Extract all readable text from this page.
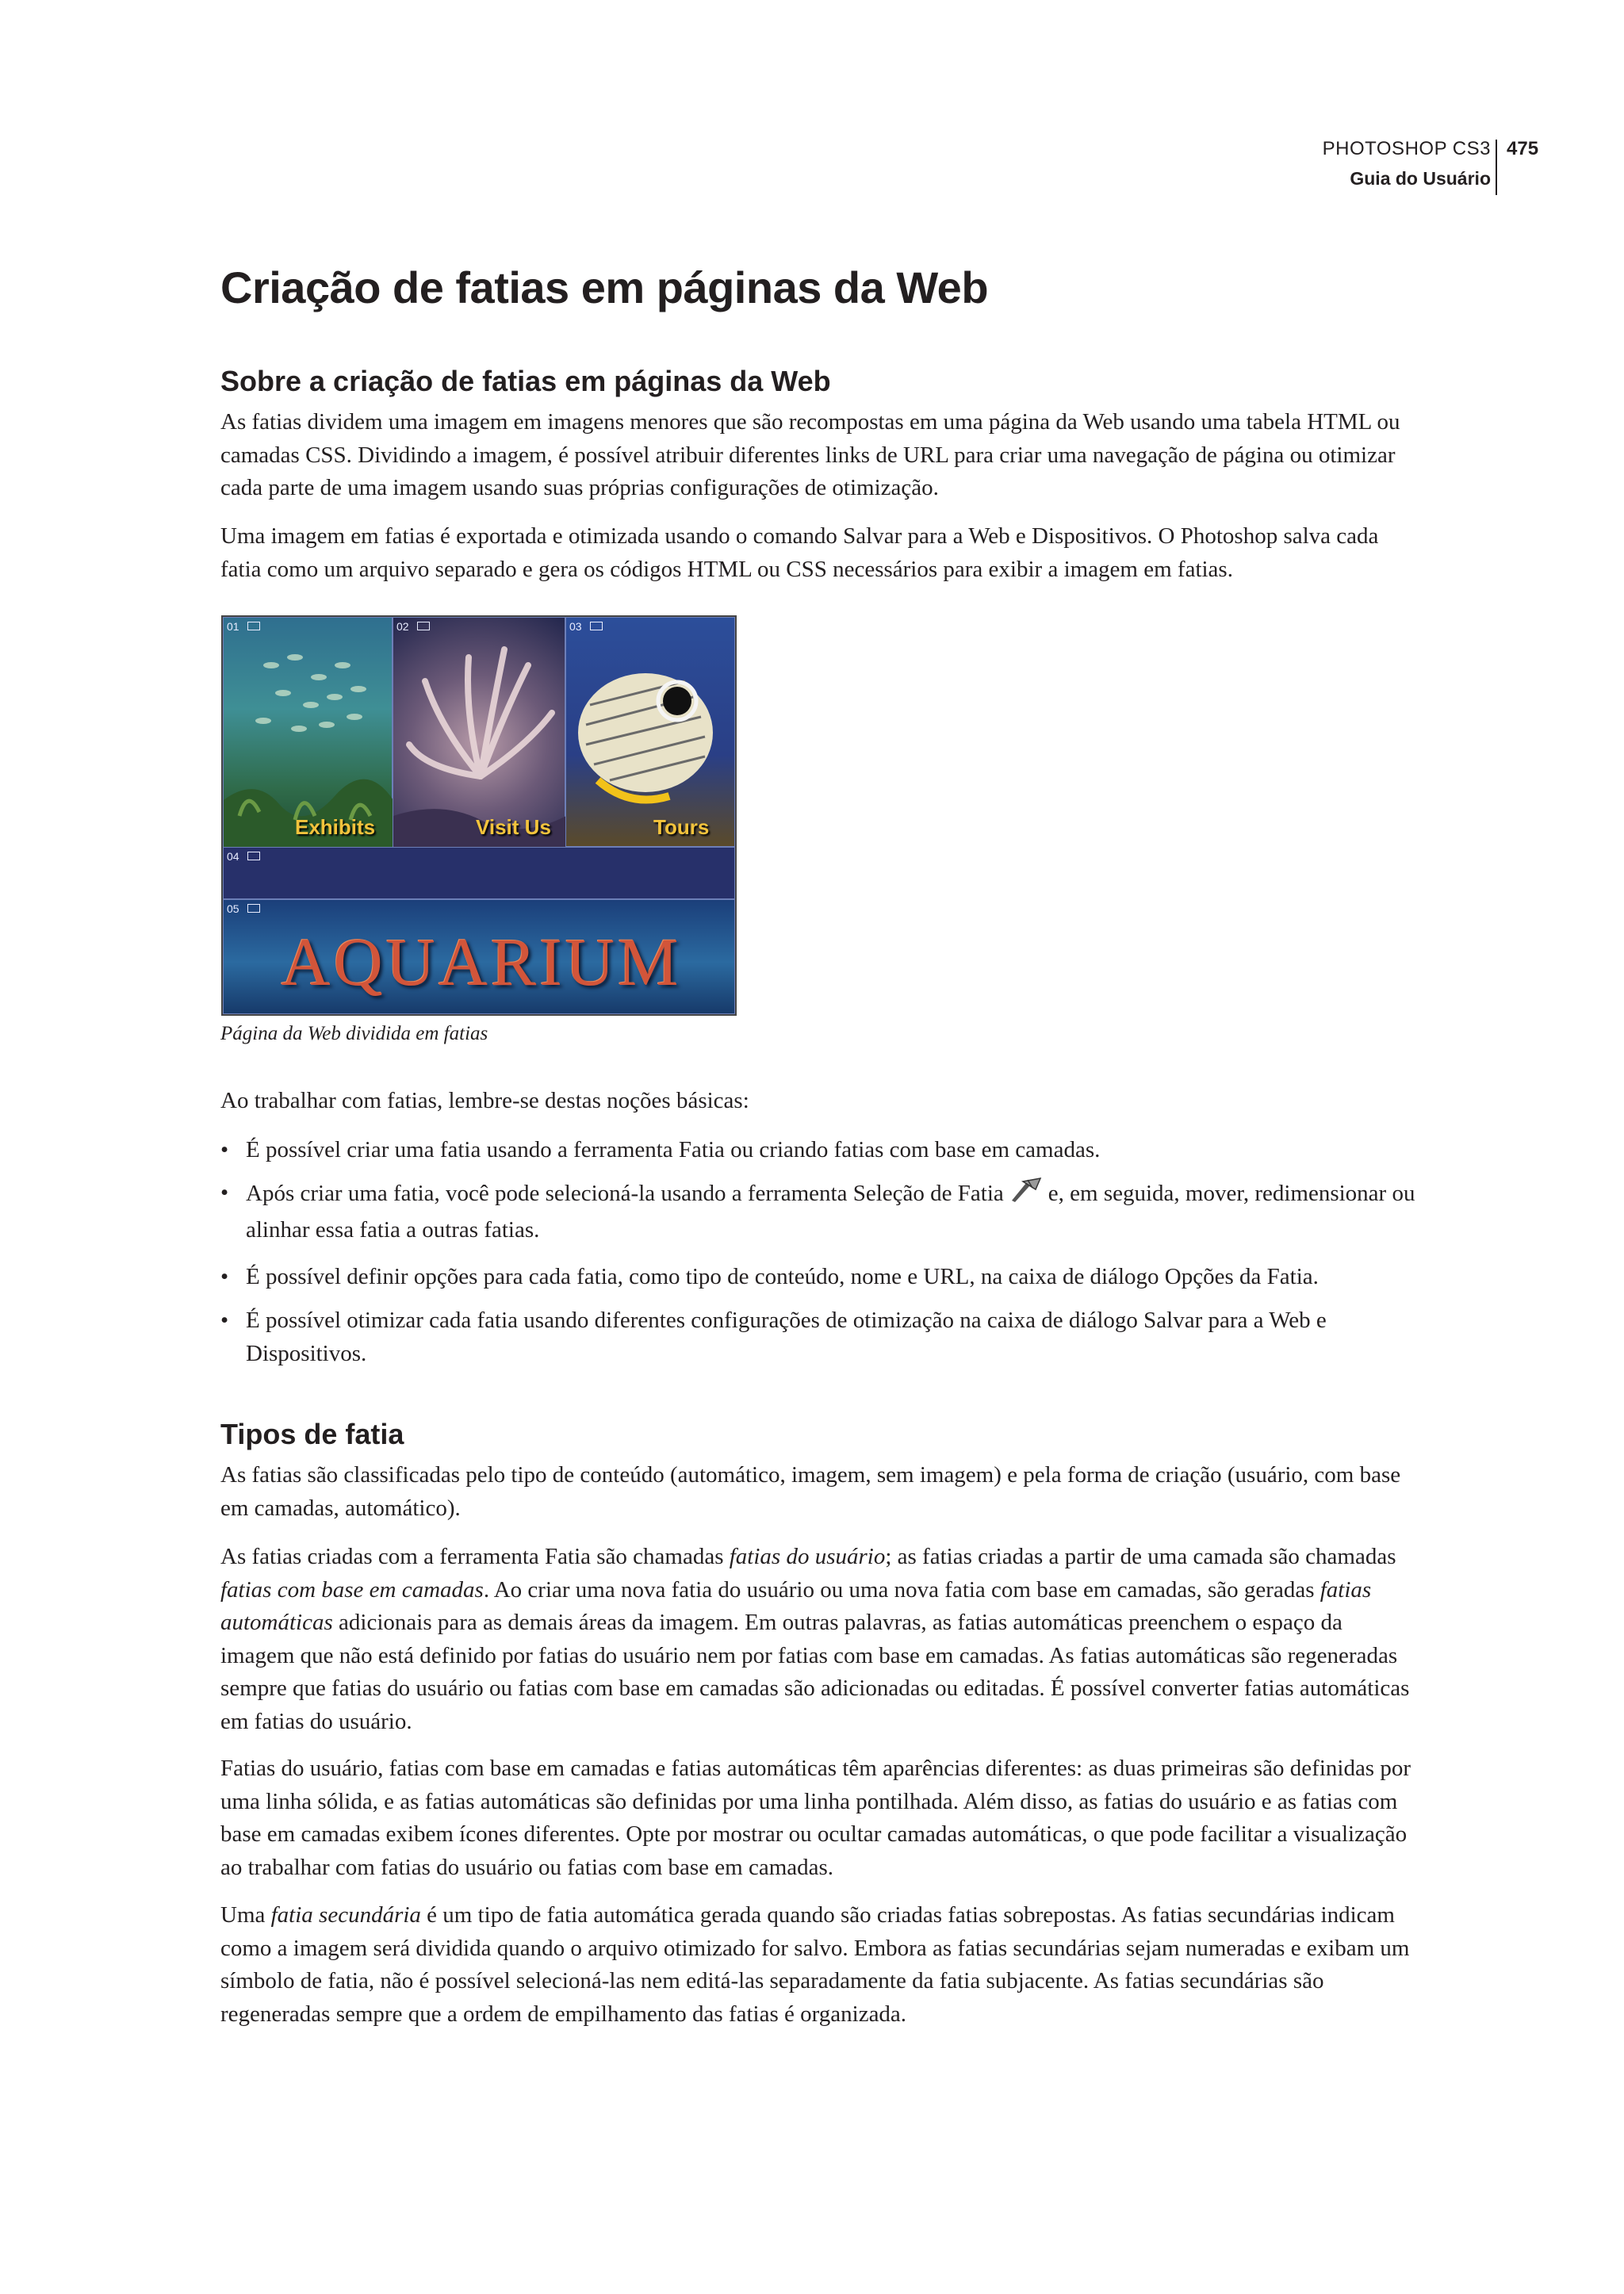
PHOTOSHOP CS3
Guia do Usuário
475
Criação de fatias em páginas da Web
Sobre a criação de fatias em páginas da Web

As fatias dividem uma imagem em imagens menores que são recompostas em uma página da Web usando uma tabela HTML ou camadas CSS. Dividindo a imagem, é possível atribuir diferentes links de URL para criar uma navegação de página ou otimizar cada parte de uma imagem usando suas próprias configurações de otimização.

Uma imagem em fatias é exportada e otimizada usando o comando Salvar para a Web e Dispositivos. O Photoshop salva cada fatia como um arquivo separado e gera os códigos HTML ou CSS necessários para exibir a imagem em fatias.

01
Exhibits
02
Visit Us
03
Tours
04
05
AQUARIUM
Página da Web dividida em fatias

Ao trabalhar com fatias, lembre-se destas noções básicas:

• É possível criar uma fatia usando a ferramenta Fatia ou criando fatias com base em camadas.
• Após criar uma fatia, você pode selecioná-la usando a ferramenta Seleção de Fatia e, em seguida, mover, redimensionar ou alinhar essa fatia a outras fatias.
• É possível definir opções para cada fatia, como tipo de conteúdo, nome e URL, na caixa de diálogo Opções da Fatia.
• É possível otimizar cada fatia usando diferentes configurações de otimização na caixa de diálogo Salvar para a Web e Dispositivos.
Tipos de fatia

As fatias são classificadas pelo tipo de conteúdo (automático, imagem, sem imagem) e pela forma de criação (usuário, com base em camadas, automático).

As fatias criadas com a ferramenta Fatia são chamadas fatias do usuário; as fatias criadas a partir de uma camada são chamadas fatias com base em camadas. Ao criar uma nova fatia do usuário ou uma nova fatia com base em camadas, são geradas fatias automáticas adicionais para as demais áreas da imagem. Em outras palavras, as fatias automáticas preenchem o espaço da imagem que não está definido por fatias do usuário nem por fatias com base em camadas. As fatias automáticas são regeneradas sempre que fatias do usuário ou fatias com base em camadas são adicionadas ou editadas. É possível converter fatias automáticas em fatias do usuário.

Fatias do usuário, fatias com base em camadas e fatias automáticas têm aparências diferentes: as duas primeiras são definidas por uma linha sólida, e as fatias automáticas são definidas por uma linha pontilhada. Além disso, as fatias do usuário e as fatias com base em camadas exibem ícones diferentes. Opte por mostrar ou ocultar camadas automáticas, o que pode facilitar a visualização ao trabalhar com fatias do usuário ou fatias com base em camadas.

Uma fatia secundária é um tipo de fatia automática gerada quando são criadas fatias sobrepostas. As fatias secundárias indicam como a imagem será dividida quando o arquivo otimizado for salvo. Embora as fatias secundárias sejam numeradas e exibam um símbolo de fatia, não é possível selecioná-las nem editá-las separadamente da fatia subjacente. As fatias secundárias são regeneradas sempre que a ordem de empilhamento das fatias é organizada.
